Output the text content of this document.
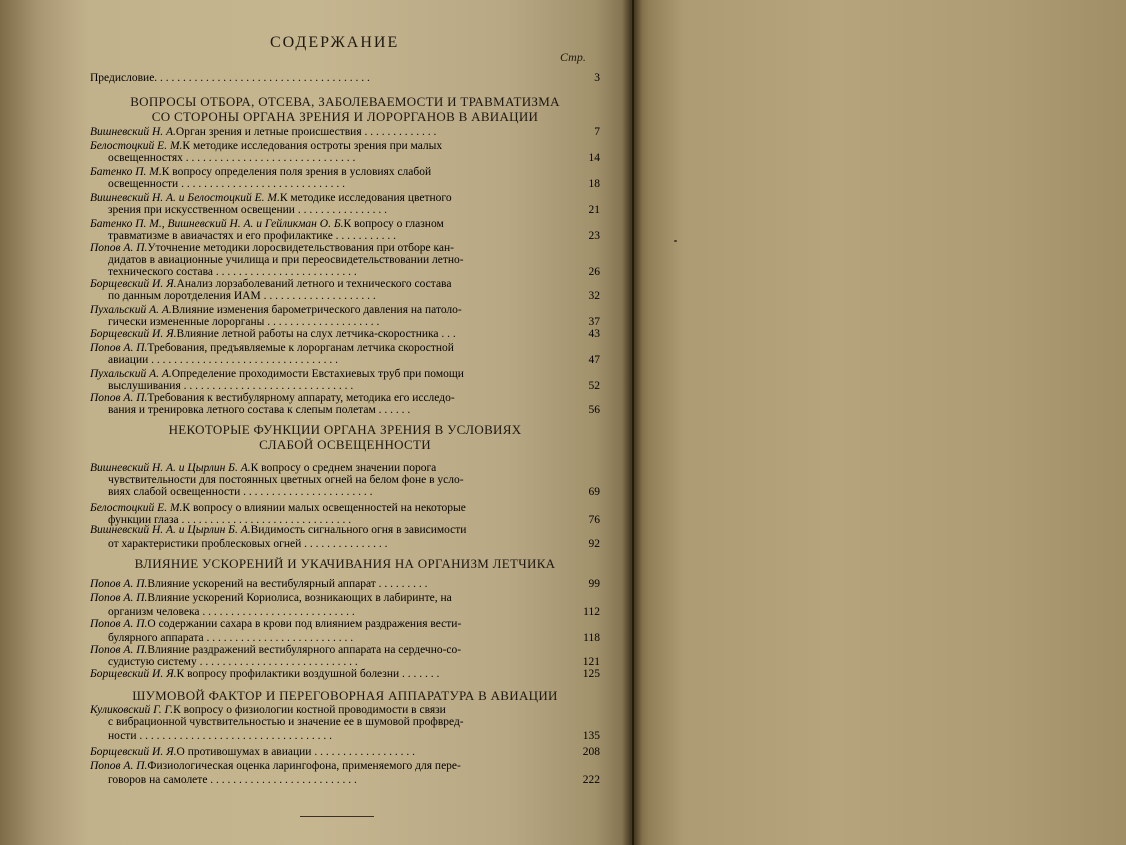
СОДЕРЖАНИЕ
Стр.
Предисловие. . . . . . . . . . . . . . . . . . . . . . . . . . . . . . . . . . . . . .	3
ВОПРОСЫ ОТБОРА, ОТСЕВА, ЗАБОЛЕВАЕМОСТИ И ТРАВМАТИЗМА
СО СТОРОНЫ ОРГАНА ЗРЕНИЯ И ЛОРОРГАНОВ В АВИАЦИИ
НЕКОТОРЫЕ ФУНКЦИИ ОРГАНА ЗРЕНИЯ В УСЛОВИЯХ
СЛАБОЙ ОСВЕЩЕННОСТИ
ВЛИЯНИЕ УСКОРЕНИЙ И УКАЧИВАНИЯ НА ОРГАНИЗМ ЛЕТЧИКА
ШУМОВОЙ ФАКТОР И ПЕРЕГОВОРНАЯ АППАРАТУРА В АВИАЦИИ
Вишневский Н. А.Орган зрения и летные происшествия . . . . . . . . . . . . .	7
Белостоцкий Е. М.К методике исследования остроты зрения при малых
освещенностях . . . . . . . . . . . . . . . . . . . . . . . . . . . . . .	14
Батенко П. М.К вопросу определения поля зрения в условиях слабой
освещенности . . . . . . . . . . . . . . . . . . . . . . . . . . . . .	18
Вишневский Н. А. и Белостоцкий Е. М.К методике исследования цветного
зрения при искусственном освещении . . . . . . . . . . . . . . . .	21
Батенко П. М., Вишневский Н. А. и Гейликман О. Б.К вопросу о глазном
травматизме в авиачастях и его профилактике . . . . . . . . . . .	23
Попов А. П.Уточнение методики лоросвидетельствования при отборе кан-
дидатов в авиационные училища и при переосвидетельствовании летно-
технического состава . . . . . . . . . . . . . . . . . . . . . . . . .	26
Борщевский И. Я.Анализ лорзаболеваний летного и технического состава
по данным лоротделения ИАМ . . . . . . . . . . . . . . . . . . . .	32
Пухальский А. А.Влияние изменения барометрического давления на патоло-
гически измененные лорорганы . . . . . . . . . . . . . . . . . . . .	37
Борщевский И. Я.Влияние летной работы на слух летчика-скоростника . . .	43
Попов А. П.Требования, предъявляемые к лорорганам летчика скоростной
авиации . . . . . . . . . . . . . . . . . . . . . . . . . . . . . . . . .	47
Пухальский А. А.Определение проходимости Евстахиевых труб при помощи
выслушивания . . . . . . . . . . . . . . . . . . . . . . . . . . . . . .	52
Попов А. П.Требования к вестибулярному аппарату, методика его исследо-
вания и тренировка летного состава к слепым полетам . . . . . .	56
Вишневский Н. А. и Цырлин Б. А.К вопросу о среднем значении порога
чувствительности для постоянных цветных огней на белом фоне в усло-
виях слабой освещенности . . . . . . . . . . . . . . . . . . . . . . .	69
Белостоцкий Е. М.К вопросу о влиянии малых освещенностей на некоторые
функции глаза . . . . . . . . . . . . . . . . . . . . . . . . . . . . . .	76
Вишневский Н. А. и Цырлин Б. А.Видимость сигнального огня в зависимости
от характеристики проблесковых огней . . . . . . . . . . . . . . .	92
Попов А. П.Влияние ускорений на вестибулярный аппарат . . . . . . . . .	99
Попов А. П.Влияние ускорений Кориолиса, возникающих в лабиринте, на
организм человека . . . . . . . . . . . . . . . . . . . . . . . . . . .	112
Попов А. П.О содержании сахара в крови под влиянием раздражения вести-
булярного аппарата . . . . . . . . . . . . . . . . . . . . . . . . . .	118
Попов А. П.Влияние раздражений вестибулярного аппарата на сердечно-со-
судистую систему . . . . . . . . . . . . . . . . . . . . . . . . . . . .	121
Борщевский И. Я.К вопросу профилактики воздушной болезни . . . . . . .	125
Куликовский Г. Г.К вопросу о физиологии костной проводимости в связи
с вибрационной чувствительностью и значение ее в шумовой профвред-
ности . . . . . . . . . . . . . . . . . . . . . . . . . . . . . . . . . .	135
Борщевский И. Я.О противошумах в авиации . . . . . . . . . . . . . . . . . .	208
Попов А. П.Физиологическая оценка ларингофона, применяемого для пере-
говоров на самолете . . . . . . . . . . . . . . . . . . . . . . . . . .	222
